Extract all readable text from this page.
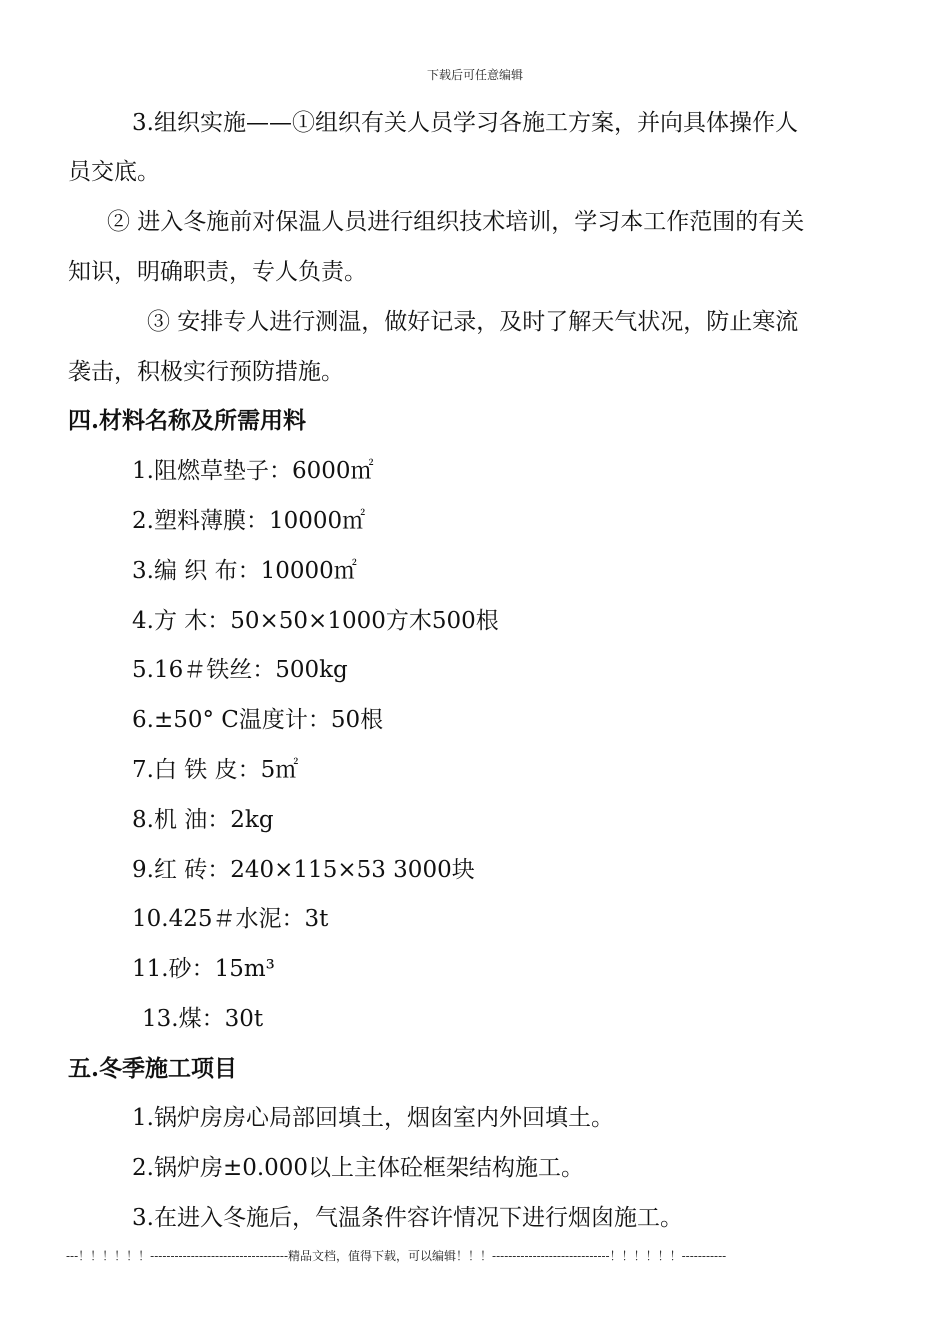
下载后可任意编辑
3.组织实施——①组织有关人员学习各施工方案，并向具体操作人
员交底。
② 进入冬施前对保温人员进行组织技术培训，学习本工作范围的有关
知识，明确职责，专人负责。
③ 安排专人进行测温，做好记录，及时了解天气状况，防止寒流
袭击，积极实行预防措施。
四.材料名称及所需用料
1.阻燃草垫子：6000㎡
2.塑料薄膜：10000㎡
3.编 织 布：10000㎡
4.方 木：50×50×1000方木500根
5.16＃铁丝：500kg
6.±50° C温度计：50根
7.白 铁 皮：5㎡
8.机 油：2kg
9.红 砖：240×115×53 3000块
10.425＃水泥：3t
11.砂：15m³
13.煤：30t
五.冬季施工项目
1.锅炉房房心局部回填土，烟囱室内外回填土。
2.锅炉房±0.000以上主体砼框架结构施工。
3.在进入冬施后，气温条件容许情况下进行烟囱施工。
---！！！！！！----------------------------------精品文档，值得下载，可以编辑！！！-----------------------------！！！！！！-----------
